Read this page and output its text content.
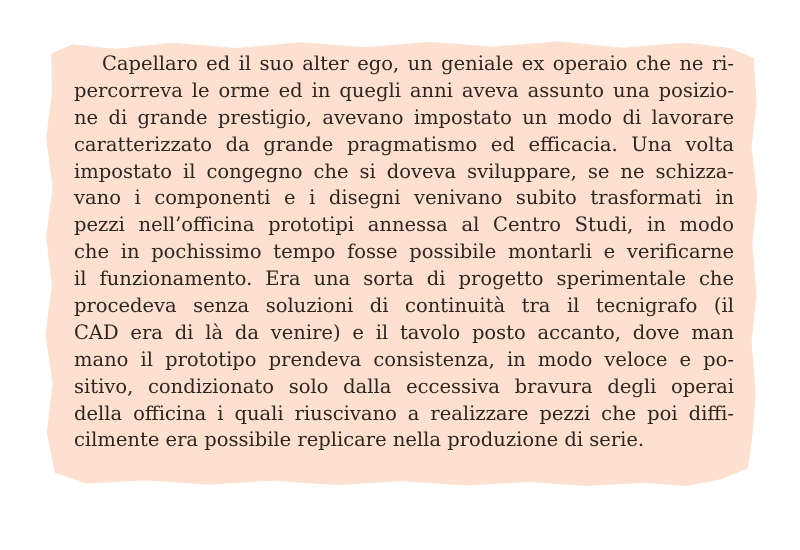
Capellaro ed il suo alter ego, un geniale ex operaio che ne ri-
percorreva le orme ed in quegli anni aveva assunto una posizio-
ne di grande prestigio, avevano impostato un modo di lavorare
caratterizzato da grande pragmatismo ed efficacia. Una volta
impostato il congegno che si doveva sviluppare, se ne schizza-
vano i componenti e i disegni venivano subito trasformati in
pezzi nell’officina prototipi annessa al Centro Studi, in modo
che in pochissimo tempo fosse possibile montarli e verificarne
il funzionamento. Era una sorta di progetto sperimentale che
procedeva senza soluzioni di continuità tra il tecnigrafo (il
CAD era di là da venire) e il tavolo posto accanto, dove man
mano il prototipo prendeva consistenza, in modo veloce e po-
sitivo, condizionato solo dalla eccessiva bravura degli operai
della officina i quali riuscivano a realizzare pezzi che poi diffi-
cilmente era possibile replicare nella produzione di serie.
